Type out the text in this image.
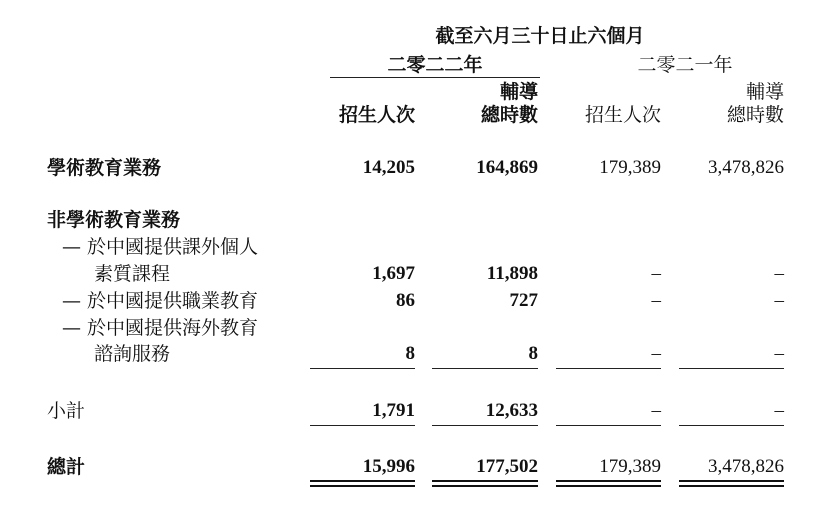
截至六月三十日止六個月
二零二二年	二零二一年
輔導	輔導
招生人次	總時數	招生人次	總時數
學術教育業務	14,205	164,869	179,389	3,478,826
非學術教育業務
— 於中國提供課外個人
素質課程	1,697	11,898	–	–
— 於中國提供職業教育	86	727	–	–
— 於中國提供海外教育
諮詢服務	8	8	–	–
小計	1,791	12,633	–	–
總計	15,996	177,502	179,389	3,478,826
